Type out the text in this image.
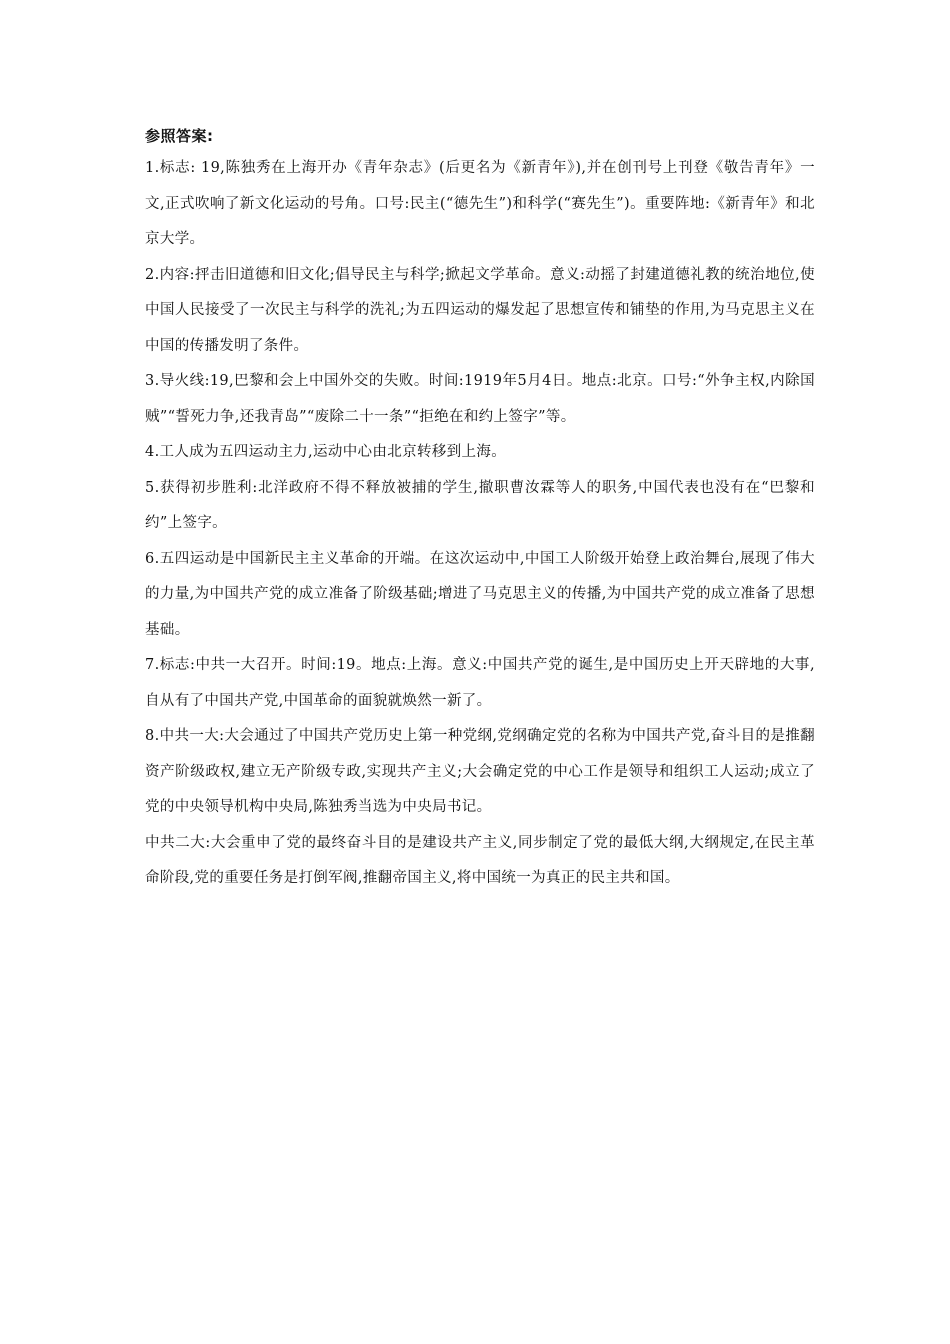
参照答案:

1.标志: 19,陈独秀在上海开办《青年杂志》(后更名为《新青年》),并在创刊号上刊登《敬告青年》一文,正式吹响了新文化运动的号角。口号:民主(“德先生”)和科学(“赛先生”)。重要阵地:《新青年》和北京大学。

2.内容:抨击旧道德和旧文化;倡导民主与科学;掀起文学革命。意义:动摇了封建道德礼教的统治地位,使中国人民接受了一次民主与科学的洗礼;为五四运动的爆发起了思想宣传和铺垫的作用,为马克思主义在中国的传播发明了条件。

3.导火线:19,巴黎和会上中国外交的失败。时间:1919年5月4日。地点:北京。口号:“外争主权,内除国贼”“誓死力争,还我青岛”“废除二十一条”“拒绝在和约上签字”等。

4.工人成为五四运动主力,运动中心由北京转移到上海。

5.获得初步胜利:北洋政府不得不释放被捕的学生,撤职曹汝霖等人的职务,中国代表也没有在“巴黎和约”上签字。

6.五四运动是中国新民主主义革命的开端。在这次运动中,中国工人阶级开始登上政治舞台,展现了伟大的力量,为中国共产党的成立准备了阶级基础;增进了马克思主义的传播,为中国共产党的成立准备了思想基础。

7.标志:中共一大召开。时间:19。地点:上海。意义:中国共产党的诞生,是中国历史上开天辟地的大事,自从有了中国共产党,中国革命的面貌就焕然一新了。

8.中共一大:大会通过了中国共产党历史上第一种党纲,党纲确定党的名称为中国共产党,奋斗目的是推翻资产阶级政权,建立无产阶级专政,实现共产主义;大会确定党的中心工作是领导和组织工人运动;成立了党的中央领导机构中央局,陈独秀当选为中央局书记。

中共二大:大会重申了党的最终奋斗目的是建设共产主义,同步制定了党的最低大纲,大纲规定,在民主革命阶段,党的重要任务是打倒军阀,推翻帝国主义,将中国统一为真正的民主共和国。
